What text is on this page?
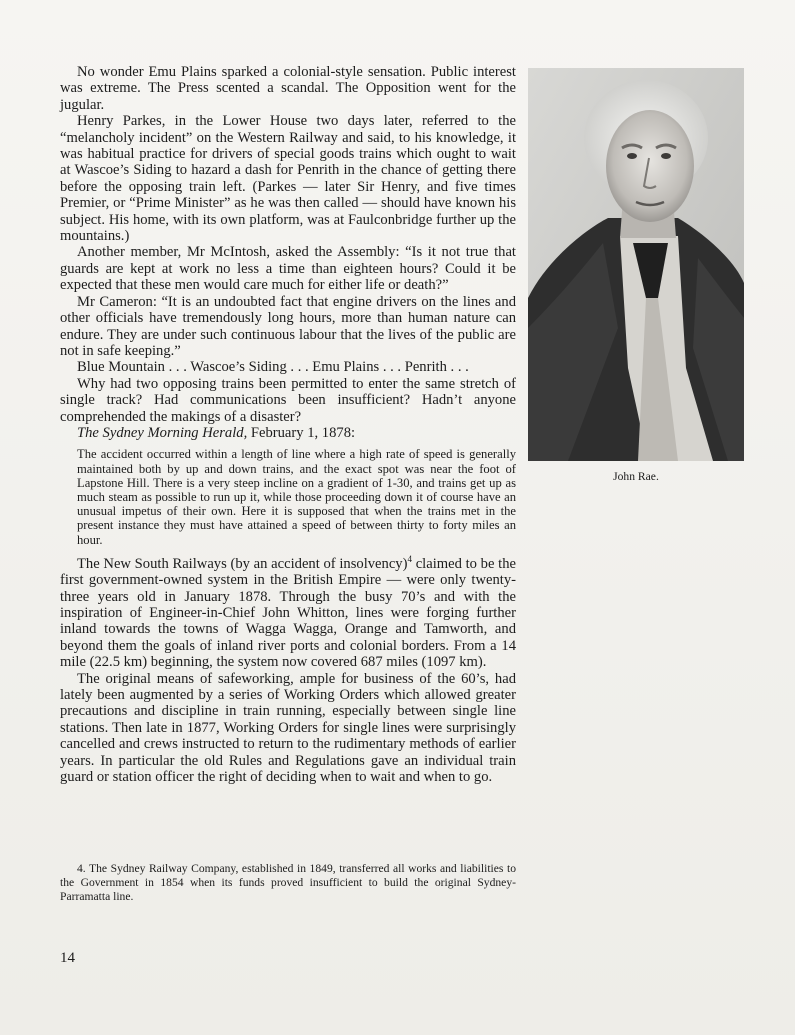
No wonder Emu Plains sparked a colonial-style sensation. Public interest was extreme. The Press scented a scandal. The Opposition went for the jugular.

Henry Parkes, in the Lower House two days later, referred to the “melancholy incident” on the Western Railway and said, to his knowledge, it was habitual practice for drivers of special goods trains which ought to wait at Wascoe’s Siding to hazard a dash for Penrith in the chance of getting there before the opposing train left. (Parkes — later Sir Henry, and five times Premier, or “Prime Minister” as he was then called — should have known his subject. His home, with its own platform, was at Faulconbridge further up the mountains.)

Another member, Mr McIntosh, asked the Assembly: “Is it not true that guards are kept at work no less a time than eighteen hours? Could it be expected that these men would care much for either life or death?”

Mr Cameron: “It is an undoubted fact that engine drivers on the lines and other officials have tremendously long hours, more than human nature can endure. They are under such continuous labour that the lives of the public are not in safe keeping.”

Blue Mountain . . . Wascoe’s Siding . . . Emu Plains . . . Penrith . . .

Why had two opposing trains been permitted to enter the same stretch of single track? Had communications been insufficient? Hadn’t anyone comprehended the makings of a disaster?

The Sydney Morning Herald, February 1, 1878:

The accident occurred within a length of line where a high rate of speed is generally maintained both by up and down trains, and the exact spot was near the foot of Lapstone Hill. There is a very steep incline on a gradient of 1-30, and trains get up as much steam as possible to run up it, while those proceeding down it of course have an unusual impetus of their own. Here it is supposed that when the trains met in the present instance they must have attained a speed of between thirty to forty miles an hour.

The New South Railways (by an accident of insolvency)$^4$ claimed to be the first government-owned system in the British Empire — were only twenty-three years old in January 1878. Through the busy 70’s and with the inspiration of Engineer-in-Chief John Whitton, lines were forging further inland towards the towns of Wagga Wagga, Orange and Tamworth, and beyond them the goals of inland river ports and colonial borders. From a 14 mile (22.5 km) beginning, the system now covered 687 miles (1097 km).

The original means of safeworking, ample for business of the 60’s, had lately been augmented by a series of Working Orders which allowed greater precautions and discipline in train running, especially between single line stations. Then late in 1877, Working Orders for single lines were surprisingly cancelled and crews instructed to return to the rudimentary methods of earlier years. In particular the old Rules and Regulations gave an individual train guard or station officer the right of deciding when to wait and when to go.

4. The Sydney Railway Company, established in 1849, transferred all works and liabilities to the Government in 1854 when its funds proved insufficient to build the original Sydney-Parramatta line.

14
John Rae.
